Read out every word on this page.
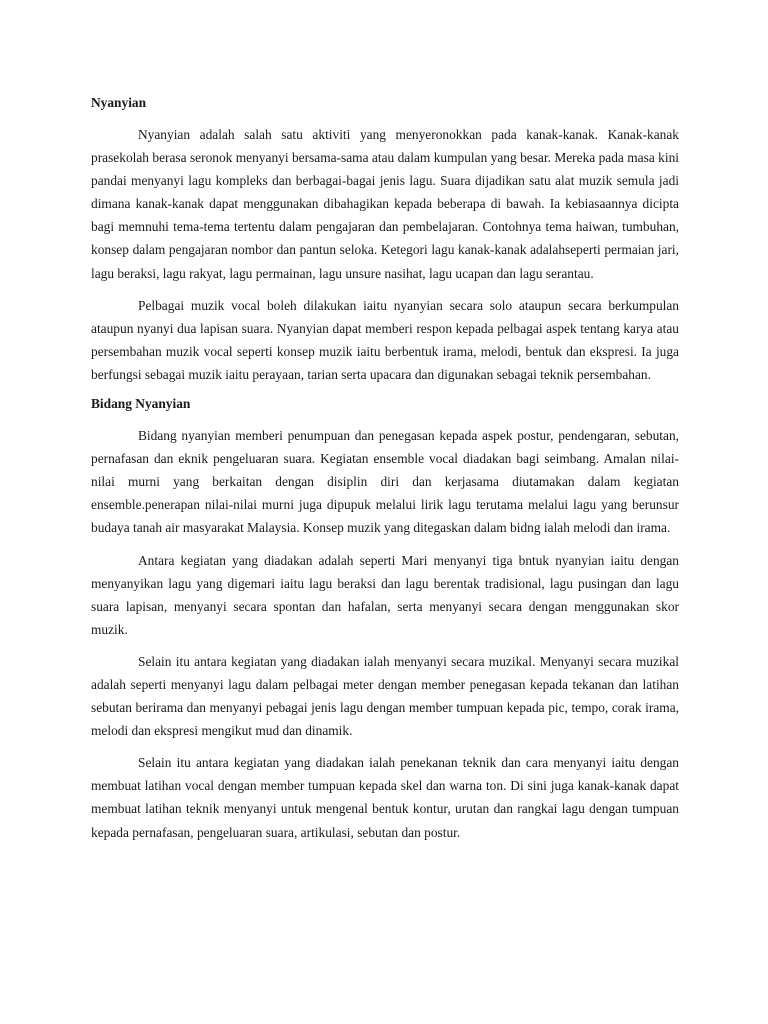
Nyanyian

Nyanyian adalah salah satu aktiviti yang menyeronokkan pada kanak-kanak. Kanak-kanak prasekolah berasa seronok menyanyi bersama-sama atau dalam kumpulan yang besar. Mereka pada masa kini pandai menyanyi lagu kompleks dan berbagai-bagai jenis lagu. Suara dijadikan satu alat muzik semula jadi dimana kanak-kanak dapat menggunakan dibahagikan kepada beberapa di bawah. Ia kebiasaannya dicipta bagi memnuhi tema-tema tertentu dalam pengajaran dan pembelajaran. Contohnya tema haiwan, tumbuhan, konsep dalam pengajaran nombor dan pantun seloka. Ketegori lagu kanak-kanak adalahseperti permaian jari, lagu beraksi, lagu rakyat, lagu permainan, lagu unsure nasihat, lagu ucapan dan lagu serantau.

Pelbagai muzik vocal boleh dilakukan iaitu nyanyian secara solo ataupun secara berkumpulan ataupun nyanyi dua lapisan suara. Nyanyian dapat memberi respon kepada pelbagai aspek tentang karya atau persembahan muzik vocal seperti konsep muzik iaitu berbentuk irama, melodi, bentuk dan ekspresi. Ia juga berfungsi sebagai muzik iaitu perayaan, tarian serta upacara dan digunakan sebagai teknik persembahan.

Bidang Nyanyian

Bidang nyanyian memberi penumpuan dan penegasan kepada aspek postur, pendengaran, sebutan, pernafasan dan eknik pengeluaran suara. Kegiatan ensemble vocal diadakan bagi seimbang. Amalan nilai-nilai murni yang berkaitan dengan disiplin diri dan kerjasama diutamakan dalam kegiatan ensemble.penerapan nilai-nilai murni juga dipupuk melalui lirik lagu terutama melalui lagu yang berunsur budaya tanah air masyarakat Malaysia. Konsep muzik yang ditegaskan dalam bidng ialah melodi dan irama.

Antara kegiatan yang diadakan adalah seperti Mari menyanyi tiga bntuk nyanyian iaitu dengan menyanyikan lagu yang digemari iaitu lagu beraksi dan lagu berentak tradisional, lagu pusingan dan lagu suara lapisan, menyanyi secara spontan dan hafalan, serta menyanyi secara dengan menggunakan skor muzik.

Selain itu antara kegiatan yang diadakan ialah menyanyi secara muzikal. Menyanyi secara muzikal adalah seperti menyanyi lagu dalam pelbagai meter dengan member penegasan kepada tekanan dan latihan sebutan berirama dan menyanyi pebagai jenis lagu dengan member tumpuan kepada pic, tempo, corak irama, melodi dan ekspresi mengikut mud dan dinamik.

Selain itu antara kegiatan yang diadakan ialah penekanan teknik dan cara menyanyi iaitu dengan membuat latihan vocal dengan member tumpuan kepada skel dan warna ton. Di sini juga kanak-kanak dapat membuat latihan teknik menyanyi untuk mengenal bentuk kontur, urutan dan rangkai lagu dengan tumpuan kepada pernafasan, pengeluaran suara, artikulasi, sebutan dan postur.
